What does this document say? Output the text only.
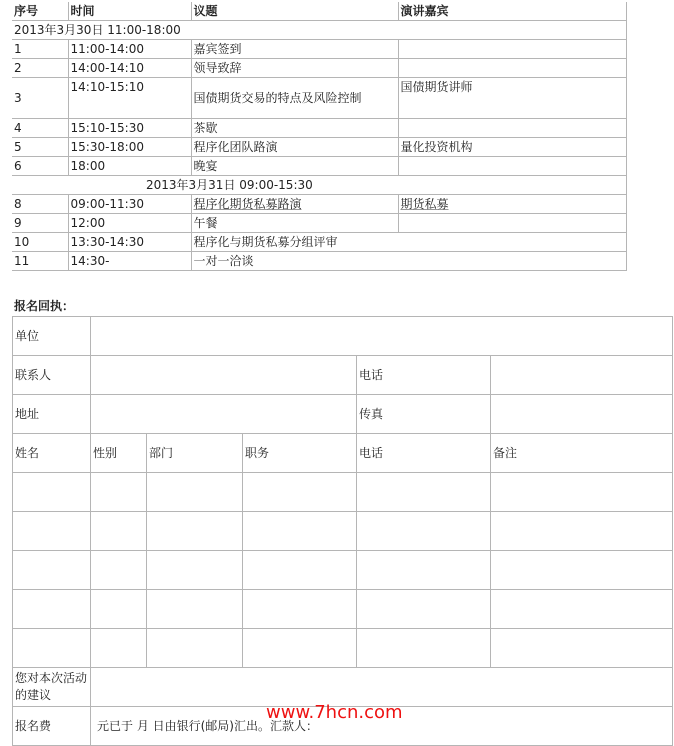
序号	时间	议题	演讲嘉宾
2013年3月30日 11:00-18:00			
1	11:00-14:00	嘉宾签到	
2	14:00-14:10	领导致辞	
3	14:10-15:10	国债期货交易的特点及风险控制	国债期货讲师
4	15:10-15:30	茶歇	
5	15:30-18:00	程序化团队路演	量化投资机构
6	18:00	晚宴	
2013年3月31日 09:00-15:30			
8	09:00-11:30	程序化期货私募路演	期货私募
9	12:00	午餐	
10	13:30-14:30	程序化与期货私募分组评审	
11	14:30-	一对一洽谈	
报名回执：
单位					
联系人				电话	
地址				传真	
姓名	性别	部门	职务	电话	备注

您对本次活动的建议					
报名费	元已于 月 日由银行(邮局)汇出。汇款人：				
www.7hcn.com
